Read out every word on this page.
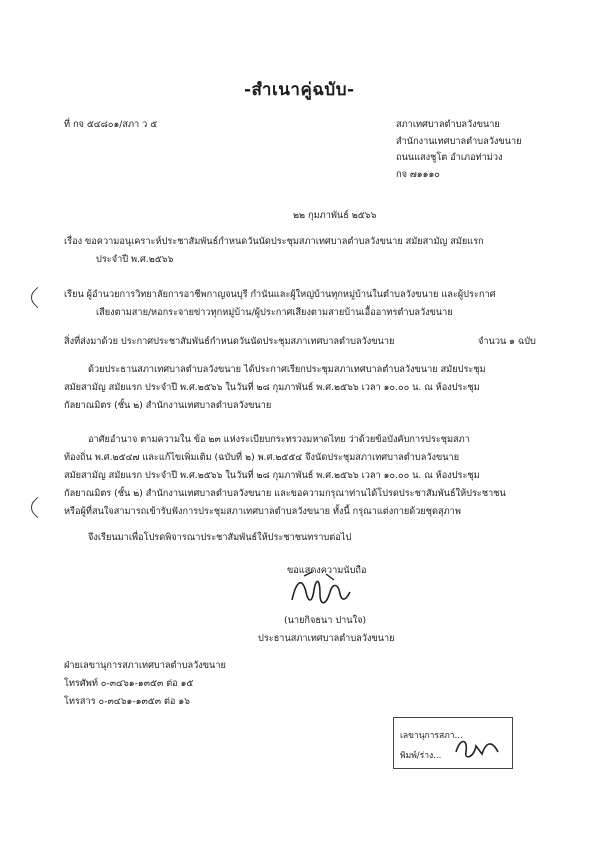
-สำเนาคู่ฉบับ-
ที่ กจ ๕๔๘๐๑/สภา ว ๕	สภาเทศบาลตำบลวังขนาย
สำนักงานเทศบาลตำบลวังขนาย
ถนนแสงชูโต อำเภอท่าม่วง
กจ ๗๑๑๑๐
๒๒ กุมภาพันธ์ ๒๕๖๖
เรื่อง ขอความอนุเคราะห์ประชาสัมพันธ์กำหนดวันนัดประชุมสภาเทศบาลตำบลวังขนาย สมัยสามัญ สมัยแรก
ประจำปี พ.ศ.๒๕๖๖
เรียน ผู้อำนวยการวิทยาลัยการอาชีพกาญจนบุรี กำนันและผู้ใหญ่บ้านทุกหมู่บ้านในตำบลวังขนาย และผู้ประกาศ
เสียงตามสาย/หอกระจายข่าวทุกหมู่บ้าน/ผู้ประกาศเสียงตามสายบ้านเอื้ออาทรตำบลวังขนาย
สิ่งที่ส่งมาด้วย ประกาศประชาสัมพันธ์กำหนดวันนัดประชุมสภาเทศบาลตำบลวังขนาย	จำนวน ๑ ฉบับ
ด้วยประธานสภาเทศบาลตำบลวังขนาย ได้ประกาศเรียกประชุมสภาเทศบาลตำบลวังขนาย สมัยประชุม
สมัยสามัญ สมัยแรก ประจำปี พ.ศ.๒๕๖๖ ในวันที่ ๒๘ กุมภาพันธ์ พ.ศ.๒๕๖๖ เวลา ๑๐.๐๐ น. ณ ห้องประชุม
กัลยาณมิตร (ชั้น ๒) สำนักงานเทศบาลตำบลวังขนาย
อาศัยอำนาจ ตามความใน ข้อ ๒๓ แห่งระเบียบกระทรวงมหาดไทย ว่าด้วยข้อบังคับการประชุมสภา
ท้องถิ่น พ.ศ.๒๕๔๗ และแก้ไขเพิ่มเติม (ฉบับที่ ๒) พ.ศ.๒๕๕๔ จึงนัดประชุมสภาเทศบาลตำบลวังขนาย
สมัยสามัญ สมัยแรก ประจำปี พ.ศ.๒๕๖๖ ในวันที่ ๒๘ กุมภาพันธ์ พ.ศ.๒๕๖๖ เวลา ๑๐.๐๐ น. ณ ห้องประชุม
กัลยาณมิตร (ชั้น ๒) สำนักงานเทศบาลตำบลวังขนาย และขอความกรุณาท่านได้โปรดประชาสัมพันธ์ให้ประชาชน
หรือผู้ที่สนใจสามารถเข้ารับฟังการประชุมสภาเทศบาลตำบลวังขนาย ทั้งนี้ กรุณาแต่งกายด้วยชุดสุภาพ
จึงเรียนมาเพื่อโปรดพิจารณาประชาสัมพันธ์ให้ประชาชนทราบต่อไป
ขอแสดงความนับถือ
(นายกิจธนา ปานใจ)
ประธานสภาเทศบาลตำบลวังขนาย
ฝ่ายเลขานุการสภาเทศบาลตำบลวังขนาย
โทรศัพท์ ๐-๓๔๖๑-๑๓๕๓ ต่อ ๑๕
โทรสาร ๐-๓๔๖๑-๑๓๕๓ ต่อ ๑๖
เลขานุการสภา...
พิมพ์/ร่าง...
